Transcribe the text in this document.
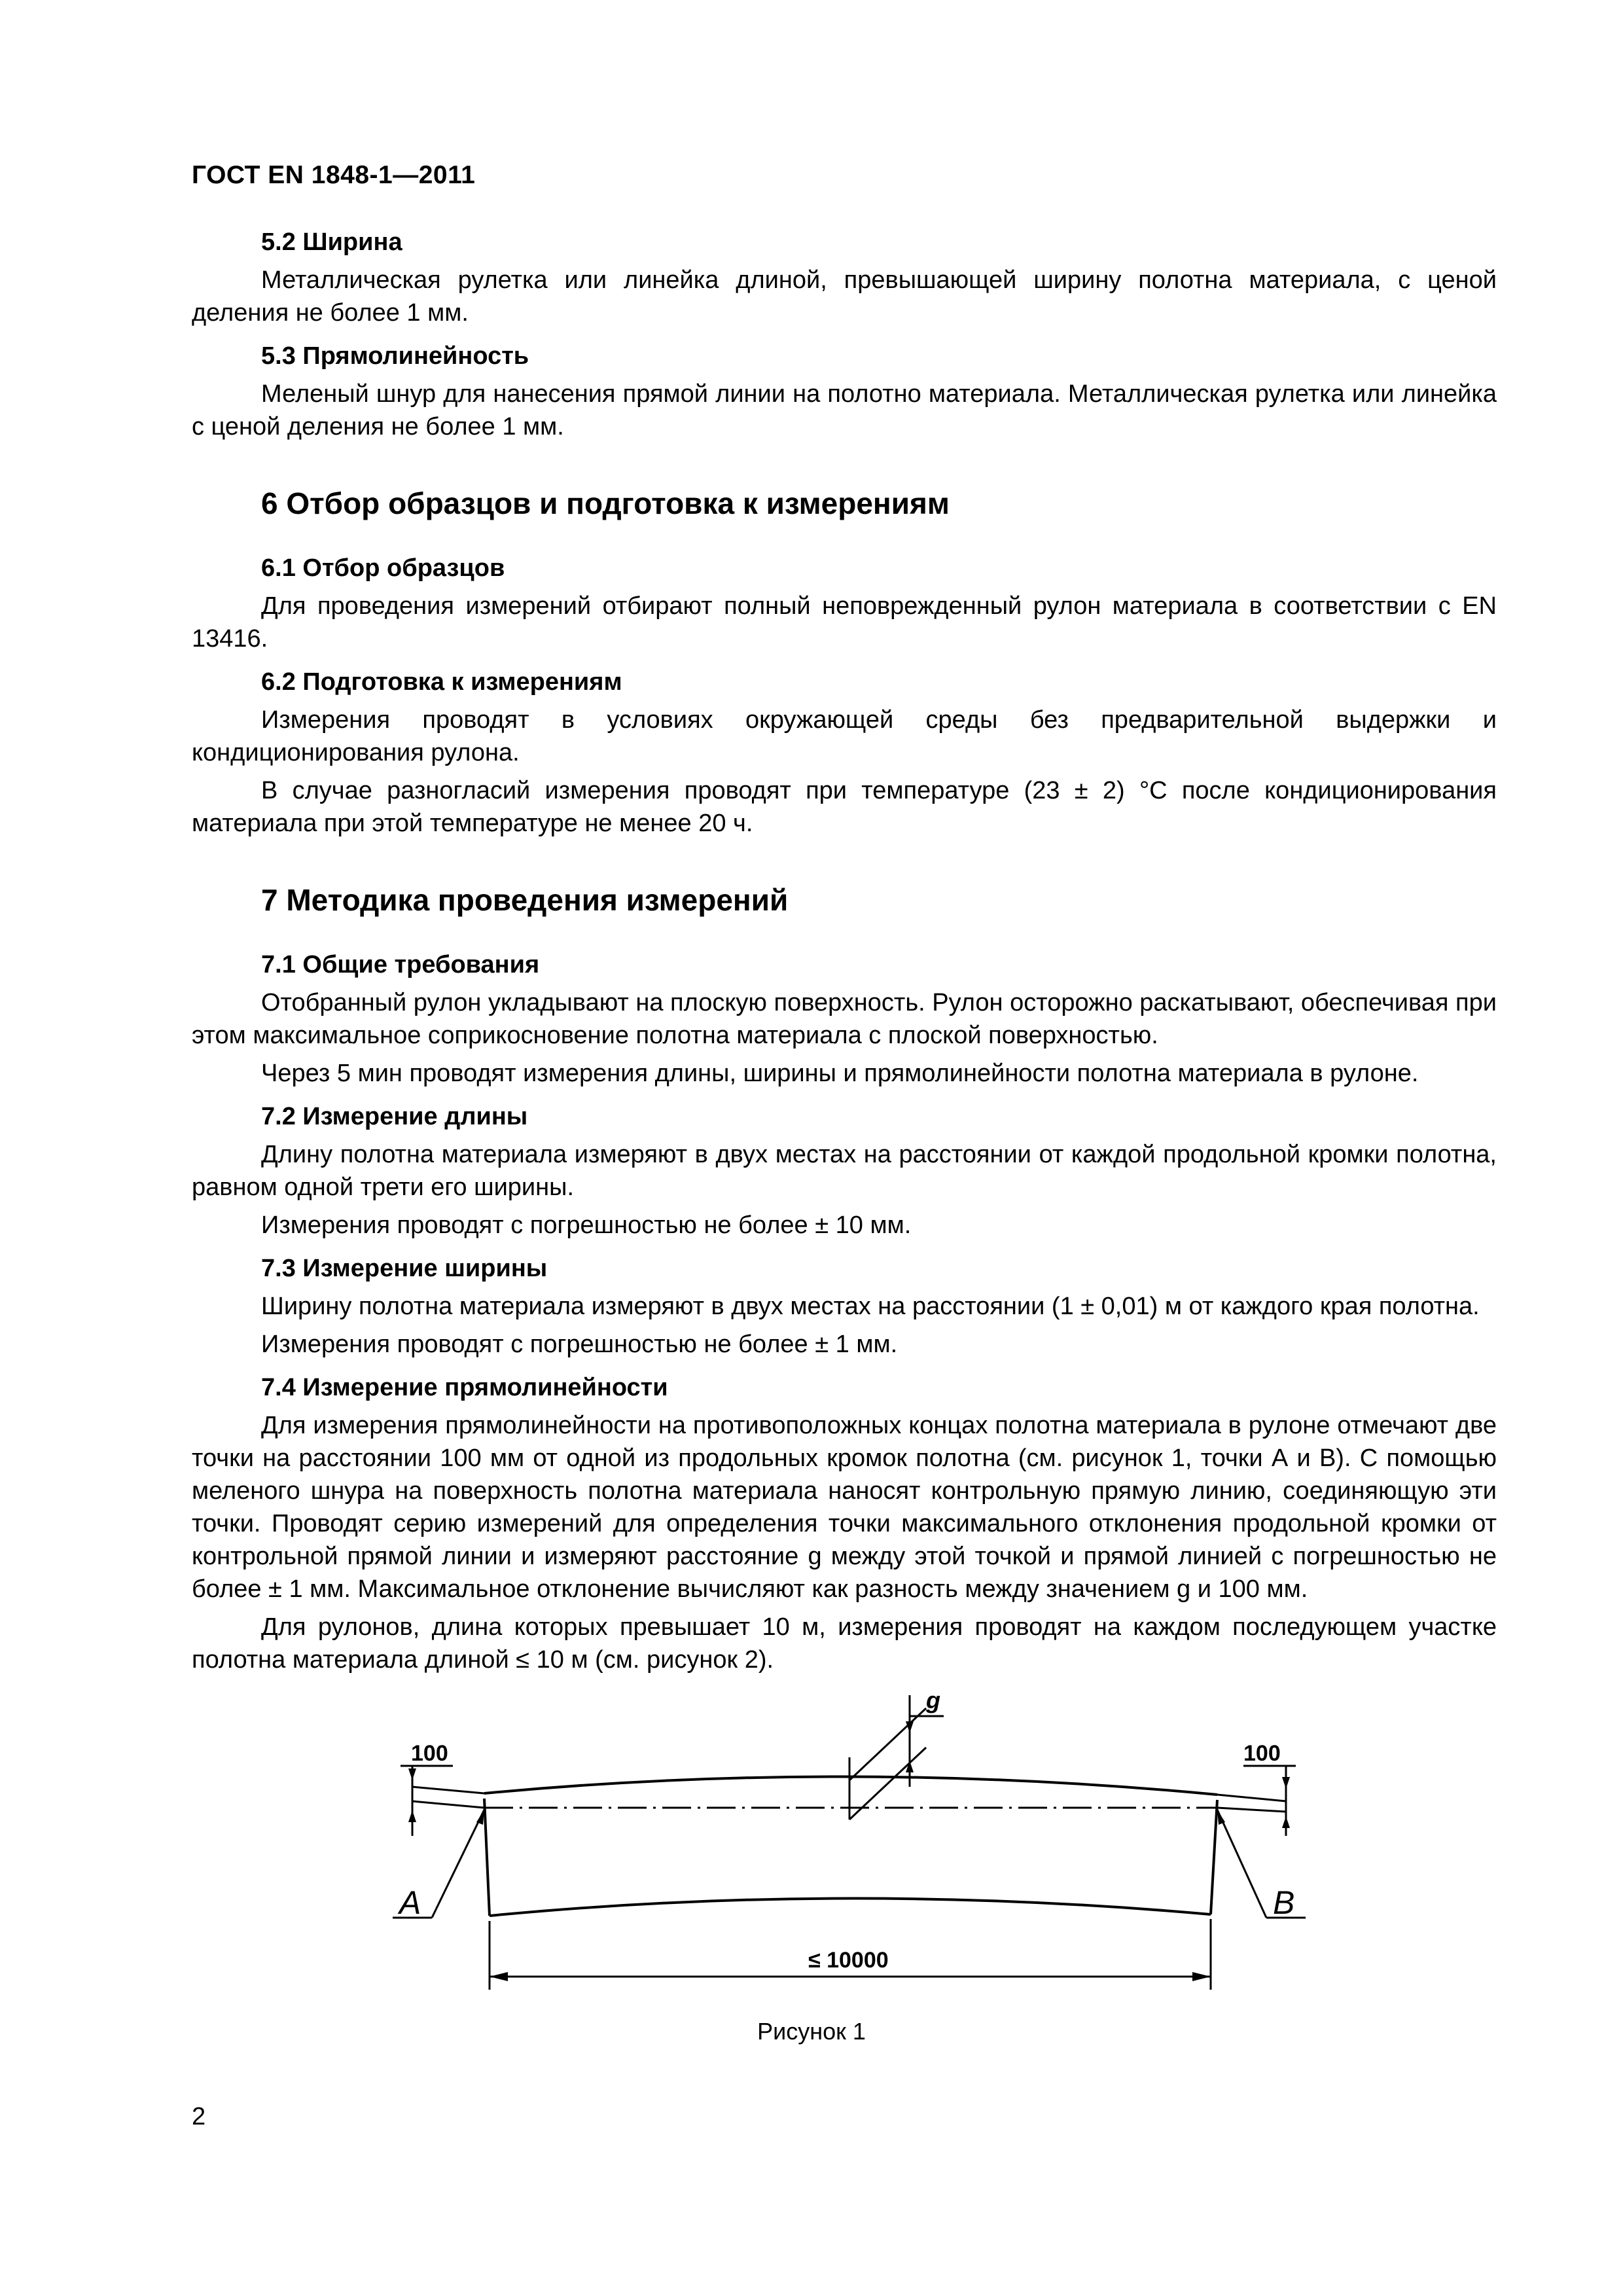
ГОСТ EN 1848-1—2011
5.2 Ширина
Металлическая рулетка или линейка длиной, превышающей ширину полотна материала, с ценой деления не более 1 мм.
5.3 Прямолинейность
Меленый шнур для нанесения прямой линии на полотно материала. Металлическая рулетка или линейка с ценой деления не более 1 мм.
6 Отбор образцов и подготовка к измерениям
6.1 Отбор образцов
Для проведения измерений отбирают полный неповрежденный рулон материала в соответствии с EN 13416.
6.2 Подготовка к измерениям
Измерения проводят в условиях окружающей среды без предварительной выдержки и кондиционирования рулона.
В случае разногласий измерения проводят при температуре (23 ± 2) °С после кондиционирования материала при этой температуре не менее 20 ч.
7 Методика проведения измерений
7.1 Общие требования
Отобранный рулон укладывают на плоскую поверхность. Рулон осторожно раскатывают, обеспечивая при этом максимальное соприкосновение полотна материала с плоской поверхностью.
Через 5 мин проводят измерения длины, ширины и прямолинейности полотна материала в рулоне.
7.2 Измерение длины
Длину полотна материала измеряют в двух местах на расстоянии от каждой продольной кромки полотна, равном одной трети его ширины.
Измерения проводят с погрешностью не более ± 10 мм.
7.3 Измерение ширины
Ширину полотна материала измеряют в двух местах на расстоянии (1 ± 0,01) м от каждого края полотна.
Измерения проводят с погрешностью не более ± 1 мм.
7.4 Измерение прямолинейности
Для измерения прямолинейности на противоположных концах полотна материала в рулоне отмечают две точки на расстоянии 100 мм от одной из продольных кромок полотна (см. рисунок 1, точки А и В). С помощью меленого шнура на поверхность полотна материала наносят контрольную прямую линию, соединяющую эти точки. Проводят серию измерений для определения точки максимального отклонения продольной кромки от контрольной прямой линии и измеряют расстояние g между этой точкой и прямой линией с погрешностью не более ± 1 мм. Максимальное отклонение вычисляют как разность между значением g и 100 мм.
Для рулонов, длина которых превышает 10 м, измерения проводят на каждом последующем участке полотна материала длиной ≤ 10 м (см. рисунок 2).
100	100
A	B
g
≤ 10000
Рисунок 1
2
